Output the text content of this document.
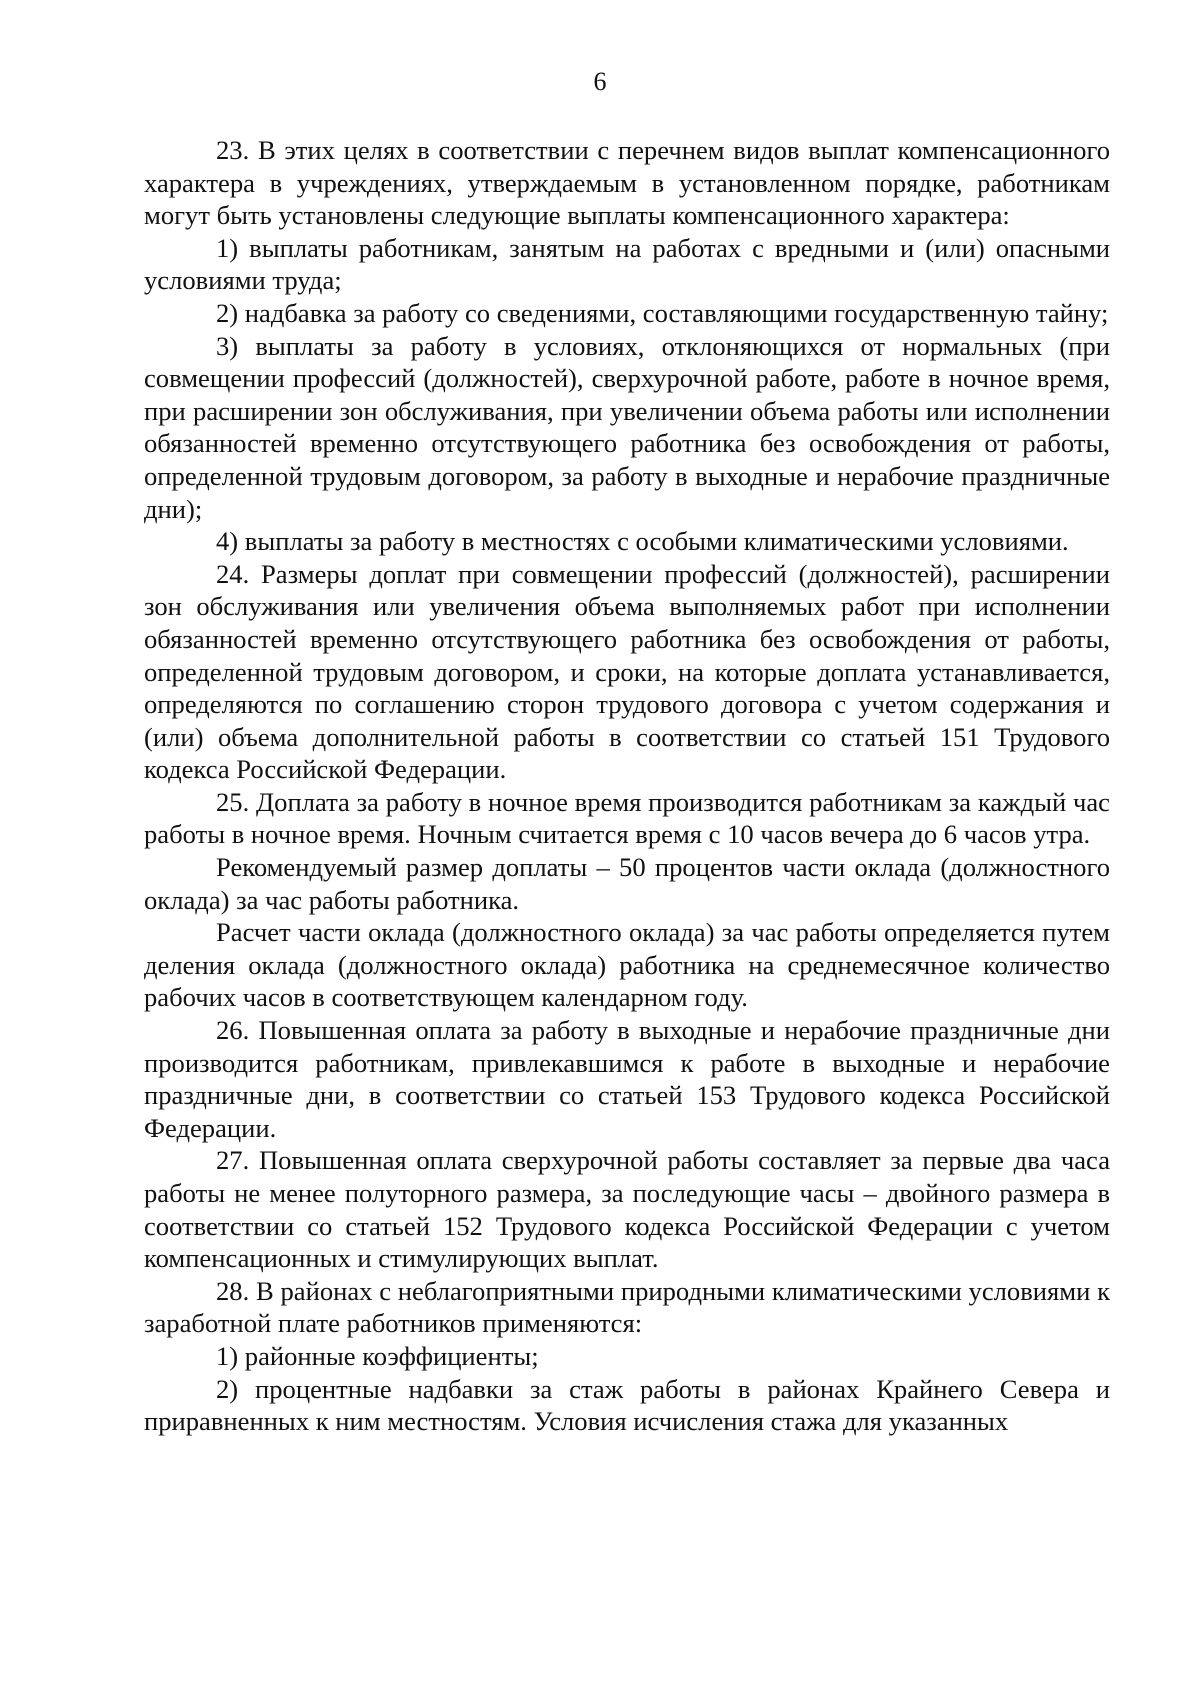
6

23. В этих целях в соответствии с перечнем видов выплат компенсационного характера в учреждениях, утверждаемым в установленном порядке, работникам могут быть установлены следующие выплаты компенсационного характера:

1) выплаты работникам, занятым на работах с вредными и (или) опасными условиями труда;

2) надбавка за работу со сведениями, составляющими государственную тайну;

3) выплаты за работу в условиях, отклоняющихся от нормальных (при совмещении профессий (должностей), сверхурочной работе, работе в ночное время, при расширении зон обслуживания, при увеличении объема работы или исполнении обязанностей временно отсутствующего работника без освобождения от работы, определенной трудовым договором, за работу в выходные и нерабочие праздничные дни);

4) выплаты за работу в местностях с особыми климатическими условиями.

24. Размеры доплат при совмещении профессий (должностей), расширении зон обслуживания или увеличения объема выполняемых работ при исполнении обязанностей временно отсутствующего работника без освобождения от работы, определенной трудовым договором, и сроки, на которые доплата устанавливается, определяются по соглашению сторон трудового договора с учетом содержания и (или) объема дополнительной работы в соответствии со статьей 151 Трудового кодекса Российской Федерации.

25. Доплата за работу в ночное время производится работникам за каждый час работы в ночное время. Ночным считается время с 10 часов вечера до 6 часов утра.

Рекомендуемый размер доплаты – 50 процентов части оклада (должностного оклада) за час работы работника.

Расчет части оклада (должностного оклада) за час работы определяется путем деления оклада (должностного оклада) работника на среднемесячное количество рабочих часов в соответствующем календарном году.

26. Повышенная оплата за работу в выходные и нерабочие праздничные дни производится работникам, привлекавшимся к работе в выходные и нерабочие праздничные дни, в соответствии со статьей 153 Трудового кодекса Российской Федерации.

27. Повышенная оплата сверхурочной работы составляет за первые два часа работы не менее полуторного размера, за последующие часы – двойного размера в соответствии со статьей 152 Трудового кодекса Российской Федерации с учетом компенсационных и стимулирующих выплат.

28. В районах с неблагоприятными природными климатическими условиями к заработной плате работников применяются:

1) районные коэффициенты;

2) процентные надбавки за стаж работы в районах Крайнего Севера и приравненных к ним местностям. Условия исчисления стажа для указанных
